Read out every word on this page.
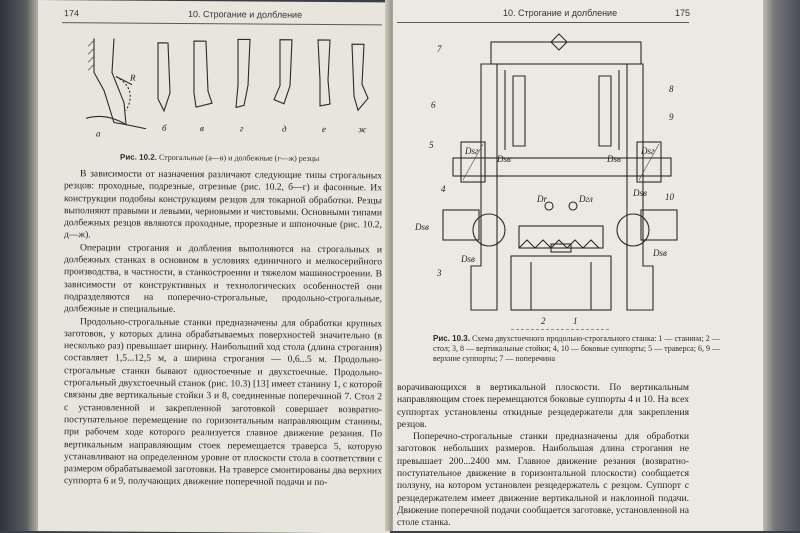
174	10. Строгание и долбление
R
а
б	в	г	д	е	ж
Рис. 10.2. Строгальные (а—в) и долбежные (г—ж) резцы

В зависимости от назначения различают следующие типы строгальных резцов: проходные, подрезные, отрезные (рис. 10.2, б—г) и фасонные. Их конструкции подобны конструкциям резцов для токарной обработки. Резцы выполняют правыми и левыми, черновыми и чистовыми. Основными типами долбежных резцов являются проходные, прорезные и шпоночные (рис. 10.2, д—ж).

Операции строгания и долбления выполняются на строгальных и долбежных станках в основном в условиях единичного и мелкосерийного производства, в частности, в станкостроении и тяжелом машиностроении. В зависимости от конструктивных и технологических особенностей они подразделяются на поперечно-строгальные, продольно-строгальные, долбежные и специальные.

Продольно-строгальные станки предназначены для обработки крупных заготовок, у которых длина обрабатываемых поверхностей значительно (в несколько раз) превышает ширину. Наибольший ход стола (длина строгания) составляет 1,5...12,5 м, а ширина строгания — 0,6...5 м. Продольно-строгальные станки бывают одностоечные и двухстоечные. Продольно-строгальный двухстоечный станок (рис. 10.3) [13] имеет станину 1, с которой связаны две вертикальные стойки 3 и 8, соединенные поперечиной 7. Стол 2 с установленной и закрепленной заготовкой совершает возвратно-поступательное перемещение по горизонтальным направляющим станины, при рабочем ходе которого реализуется главное движение резания. По вертикальным направляющим стоек перемещается траверса 5, которую устанавливают на определенном уровне от плоскости стола в соответствии с размером обрабатываемой заготовки. На траверсе смонтированы два верхних суппорта 6 и 9, получающих движение поперечной подачи и по-

10. Строгание и долбление	175
7
8
6
9
5
4
10
3
2	1
Dsв	Dsв
Dsг	Dsг
Dsв
Dsв
Dsв
Dsв
Dr	Dгл
Рис. 10.3. Схема двухстоечного продольно-строгального станка: 1 — станина; 2 — стол; 3, 8 — вертикальные стойки; 4, 10 — боковые суппорты; 5 — траверса; 6, 9 — верхние суппорты; 7 — поперечина

ворачивающихся в вертикальной плоскости. По вертикальным направляющим стоек перемещаются боковые суппорты 4 и 10. На всех суппортах установлены откидные резцедержатели для закрепления резцов.

Поперечно-строгальные станки предназначены для обработки заготовок небольших размеров. Наибольшая длина строгания не превышает 200...2400 мм. Главное движение резания (возвратно-поступательное движение в горизонтальной плоскости) сообщается ползуну, на котором установлен резцедержатель с резцом. Суппорт с резцедержателем имеет движение вертикальной и наклонной подачи. Движение поперечной подачи сообщается заготовке, установленной на столе станка.
